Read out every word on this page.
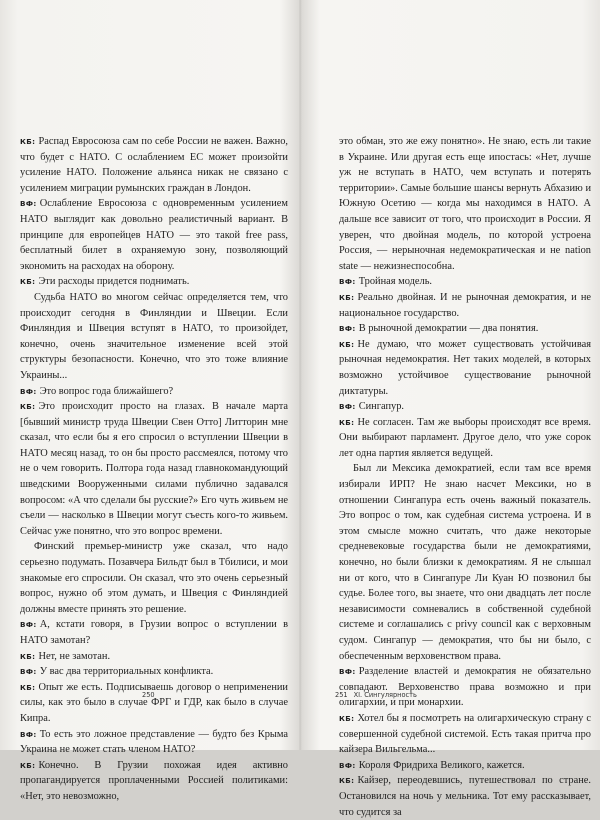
КБ: Распад Евросоюза сам по себе России не важен. Важно, что будет с НАТО. С ослаблением ЕС может произойти усиление НАТО. Положение альянса никак не связано с усилением миграции румынских граждан в Лондон.

ВФ: Ослабление Евросоюза с одновременным усилением НАТО выглядит как довольно реалистичный вариант. В принципе для европейцев НАТО — это такой free pass, бесплатный билет в охраняемую зону, позволяющий экономить на расходах на оборону.

КБ: Эти расходы придется поднимать.

Судьба НАТО во многом сейчас определяется тем, что происходит сегодня в Финляндии и Швеции. Если Финляндия и Швеция вступят в НАТО, то произойдет, конечно, очень значительное изменение всей этой структуры безопасности. Конечно, что это тоже влияние Украины...

ВФ: Это вопрос года ближайшего?

КБ: Это происходит просто на глазах. В начале марта [бывший министр труда Швеции Свен Отто] Литторин мне сказал, что если бы я его спросил о вступлении Швеции в НАТО месяц назад, то он бы просто рассмеялся, потому что не о чем говорить. Полтора года назад главнокомандующий шведскими Вооруженными силами публично задавался вопросом: «А что сделали бы русские?» Его чуть живьем не съели — насколько в Швеции могут съесть кого-то живьем. Сейчас уже понятно, что это вопрос времени.

Финский премьер-министр уже сказал, что надо серьезно подумать. Позавчера Бильдт был в Тбилиси, и мои знакомые его спросили. Он сказал, что это очень серьезный вопрос, нужно об этом думать, и Швеция с Финляндией должны вместе принять это решение.

ВФ: А, кстати говоря, в Грузии вопрос о вступлении в НАТО замотан?

КБ: Нет, не замотан.

ВФ: У вас два территориальных конфликта.

КБ: Опыт же есть. Подписываешь договор о неприменении силы, как это было в случае ФРГ и ГДР, как было в случае Кипра.

ВФ: То есть это ложное представление — будто без Крыма Украина не может стать членом НАТО?

КБ: Конечно. В Грузии похожая идея активно пропагандируется проплаченными Россией политиками: «Нет, это невозможно,

250

это обман, это же ежу понятно». Не знаю, есть ли такие в Украине. Или другая есть еще ипостась: «Нет, лучше уж не вступать в НАТО, чем вступать и потерять территории». Самые большие шансы вернуть Абхазию и Южную Осетию — когда мы находимся в НАТО. А дальше все зависит от того, что происходит в России. Я уверен, что двойная модель, по которой устроена Россия, — нерыночная недемократическая и не nation state — нежизнеспособна.

ВФ: Тройная модель.

КБ: Реально двойная. И не рыночная демократия, и не национальное государство.

ВФ: В рыночной демократии — два понятия.

КБ: Не думаю, что может существовать устойчивая рыночная недемократия. Нет таких моделей, в которых возможно устойчивое существование рыночной диктатуры.

ВФ: Сингапур.

КБ: Не согласен. Там же выборы происходят все время. Они выбирают парламент. Другое дело, что уже сорок лет одна партия является ведущей.

Был ли Мексика демократией, если там все время избирали ИРП? Не знаю насчет Мексики, но в отношении Сингапура есть очень важный показатель. Это вопрос о том, как судебная система устроена. И в этом смысле можно считать, что даже некоторые средневековые государства были не демократиями, конечно, но были близки к демократиям. Я не слышал ни от кого, что в Сингапуре Ли Куан Ю позвонил бы судье. Более того, вы знаете, что они двадцать лет после независимости сомневались в собственной судебной системе и соглашались с privy council как с верховным судом. Сингапур — демократия, что бы ни было, с обеспеченным верховенством права.

ВФ: Разделение властей и демократия не обязательно совпадают. Верховенство права возможно и при олигархии, и при монархии.

КБ: Хотел бы я посмотреть на олигархическую страну с совершенной судебной системой. Есть такая притча про кайзера Вильгельма...

ВФ: Короля Фридриха Великого, кажется.

КБ: Кайзер, переодевшись, путешествовал по стране. Остановился на ночь у мельника. Тот ему рассказывает, что судится за

251 XI. Сингулярность
